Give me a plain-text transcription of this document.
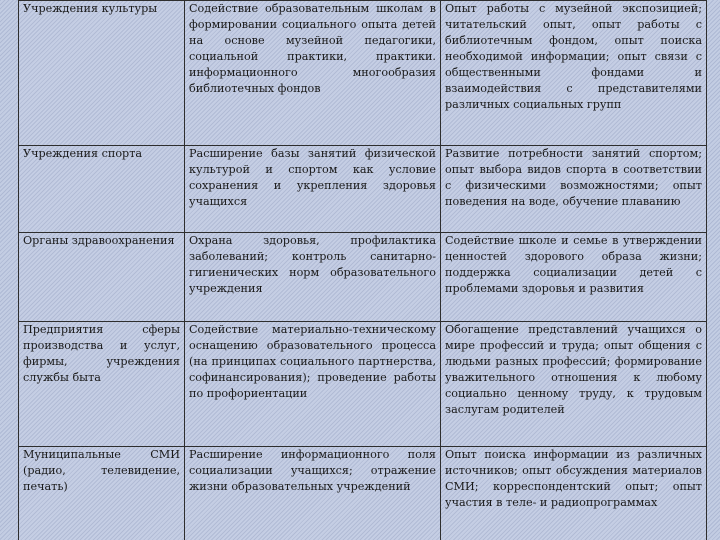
Учреждения культуры	Содействие образовательным школам в формировании социального опыта детей на основе музейной педагогики, социальной практики, практики. информационного многообразия библиотечных фондов	Опыт работы с музейной экспозицией; читательский опыт, опыт работы с библиотечным фондом, опыт поиска необходимой информации; опыт связи с общественными фондами и взаимодействия с представителями различных социальных групп
Учреждения спорта	Расширение базы занятий физической культурой и спортом как условие сохранения и укрепления здоровья учащихся	Развитие потребности занятий спортом; опыт выбора видов спорта в соответствии с физическими возможностями; опыт поведения на воде, обучение плаванию
Органы здравоохранения	Охрана здоровья, профилактика заболеваний; контроль санитарно-гигиенических норм образовательного учреждения	Содействие школе и семье в утверждении ценностей здорового образа жизни; поддержка социализации детей с проблемами здоровья и развития
Предприятия сферы производства и услуг, фирмы, учреждения службы быта	Содействие материально-техническому оснащению образовательного процесса (на принципах социального партнерства, софинансирования); проведение работы по профориентации	Обогащение представлений учащихся о мире профессий и труда; опыт общения с людьми разных профессий; формирование уважительного отношения к любому социально ценному труду, к трудовым заслугам родителей
Муниципальные СМИ (радио, телевидение, печать)	Расширение информационного поля социализации учащихся; отражение жизни образовательных учреждений	Опыт поиска информации из различных источников; опыт обсуждения материалов СМИ; корреспондентский опыт; опыт участия в теле- и радиопрограммах
